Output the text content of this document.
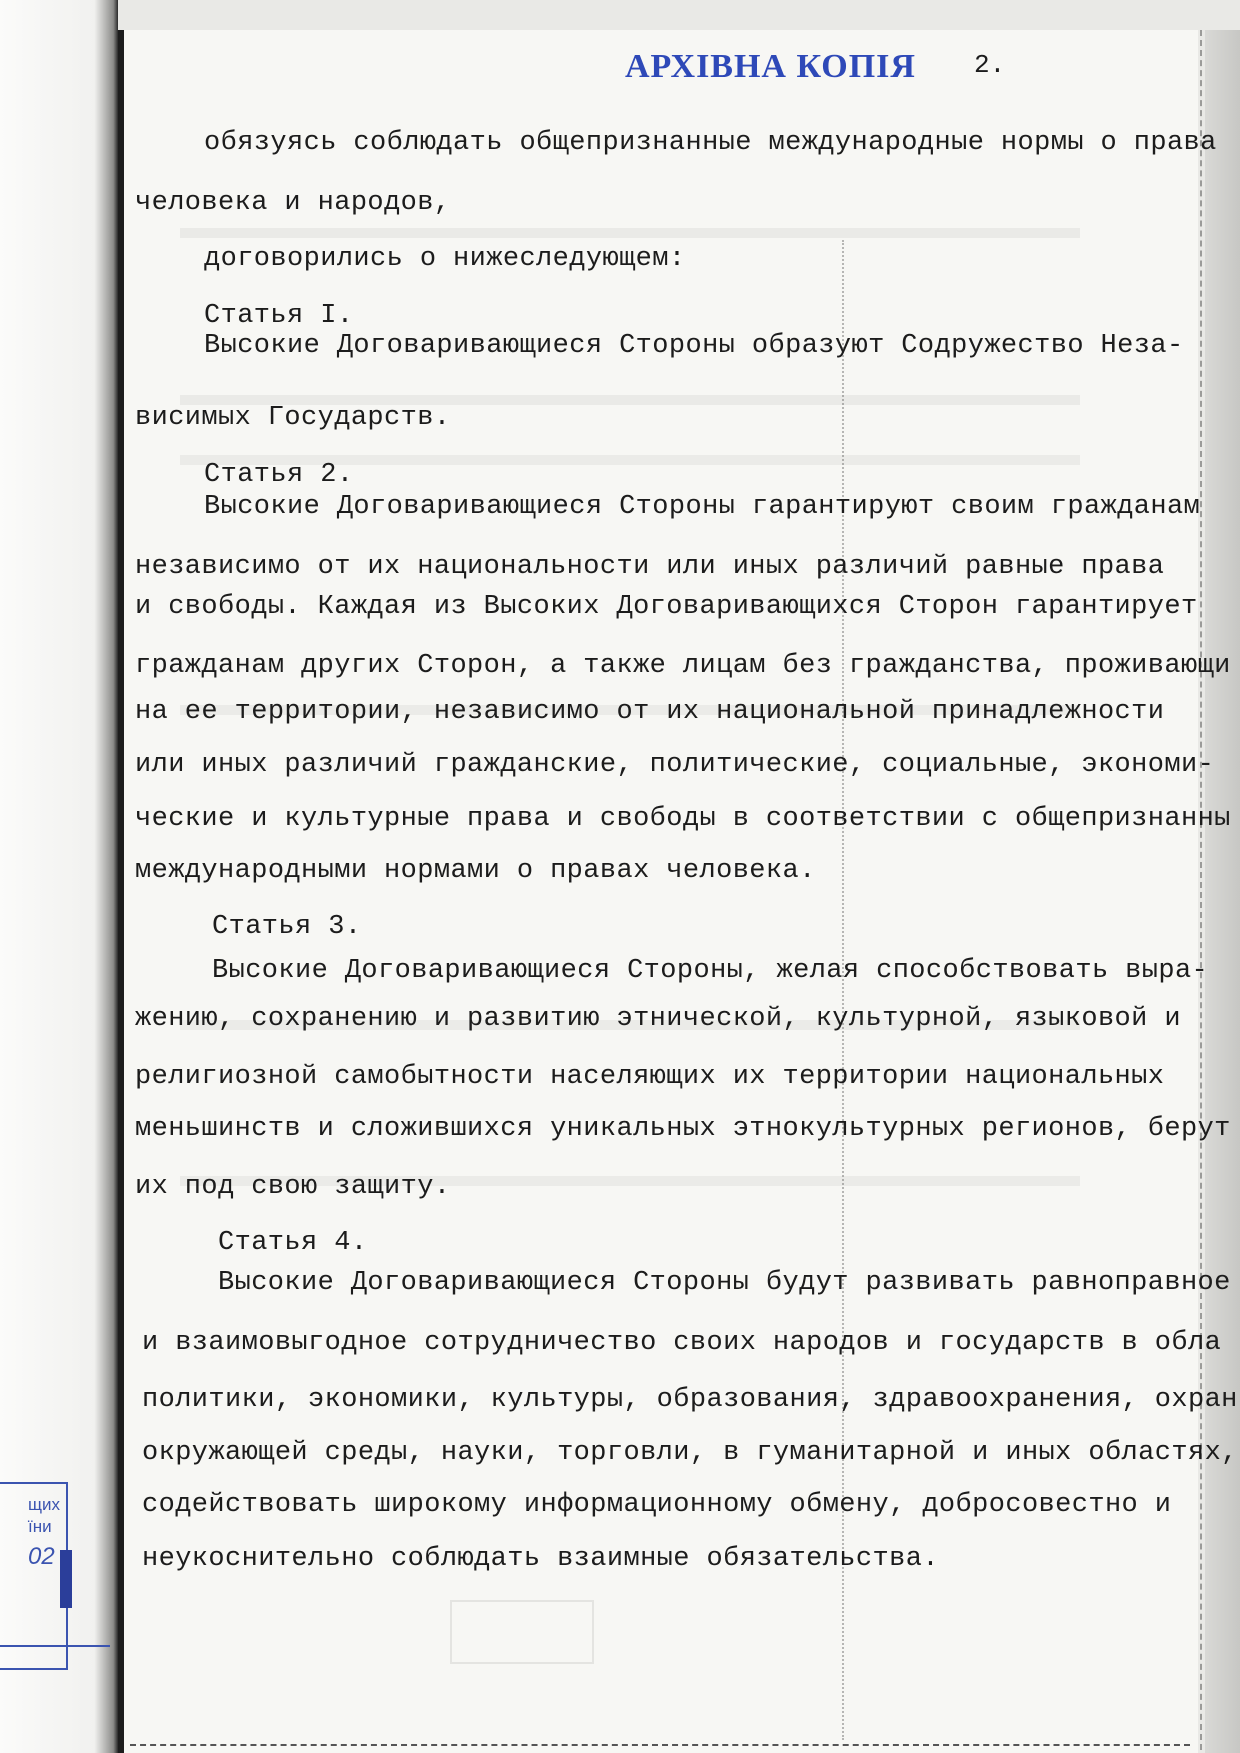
АРХІВНА КОПІЯ 2.
обязуясь соблюдать общепризнанные международные нормы о права
человека и народов,
договорились о нижеследующем:
Статья I.
Высокие Договаривающиеся Стороны образуют Содружество Неза-
висимых Государств.
Статья 2.
Высокие Договаривающиеся Стороны гарантируют своим гражданам
независимо от их национальности или иных различий равные права
и свободы. Каждая из Высоких Договаривающихся Сторон гарантирует
гражданам других Сторон, а также лицам без гражданства, проживающи
на ее территории, независимо от их национальной принадлежности
или иных различий гражданские, политические, социальные, экономи-
ческие и культурные права и свободы в соответствии с общепризнанны
международными нормами о правах человека.
Статья 3.
Высокие Договаривающиеся Стороны, желая способствовать выра-
жению, сохранению и развитию этнической, культурной, языковой и
религиозной самобытности населяющих их территории национальных
меньшинств и сложившихся уникальных этнокультурных регионов, берут
их под свою защиту.
Статья 4.
Высокие Договаривающиеся Стороны будут развивать равноправное
и взаимовыгодное сотрудничество своих народов и государств в обла
политики, экономики, культуры, образования, здравоохранения, охран
окружающей среды, науки, торговли, в гуманитарной и иных областях,
содействовать широкому информационному обмену, добросовестно и
неукоснительно соблюдать взаимные обязательства.
щих
їни
02
